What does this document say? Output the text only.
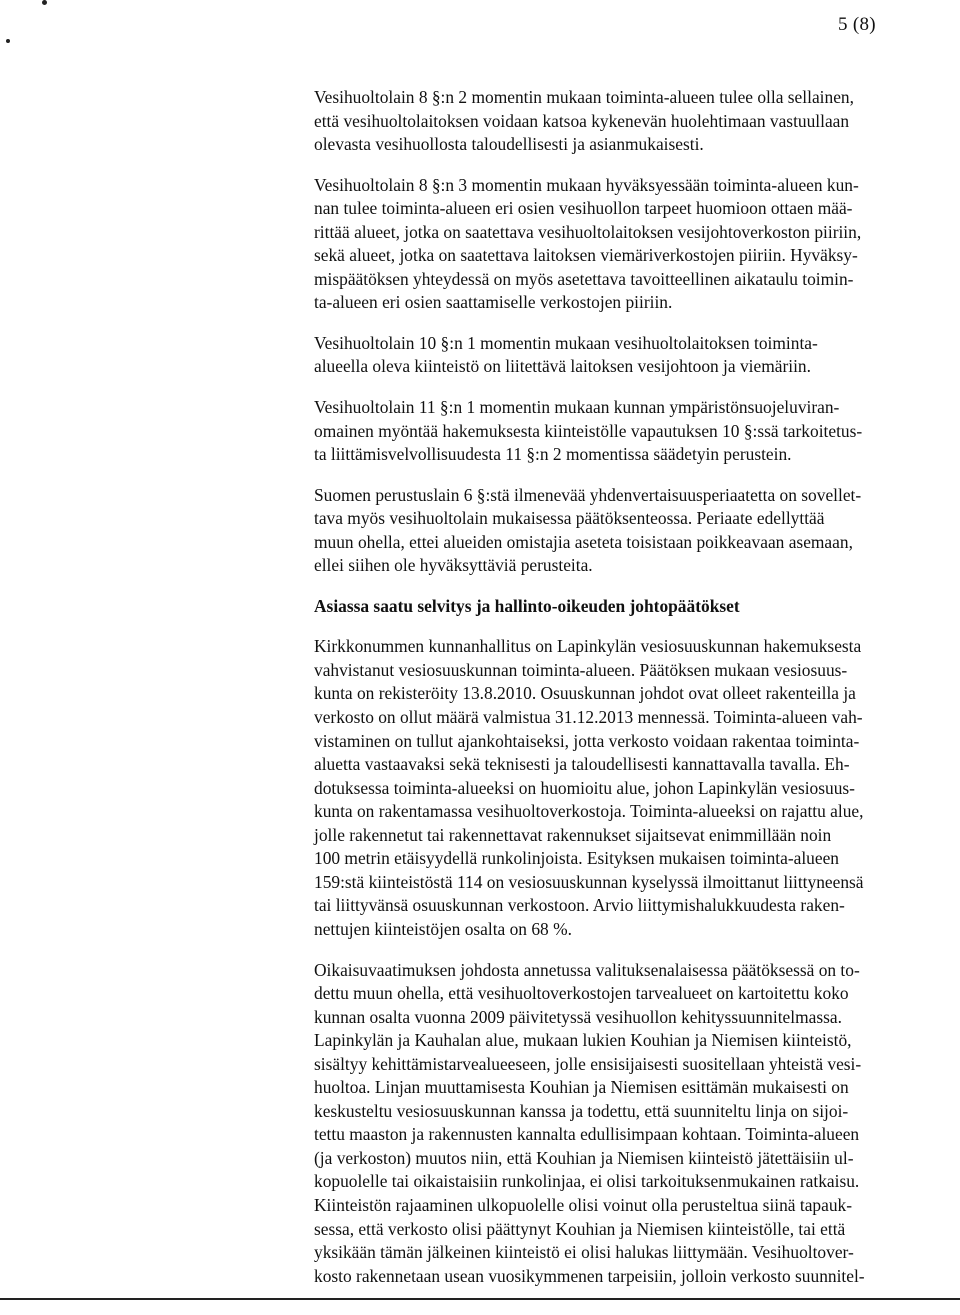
5 (8)

Vesihuoltolain 8 §:n 2 momentin mukaan toiminta-alueen tulee olla sellainen,
että vesihuoltolaitoksen voidaan katsoa kykenevän huolehtimaan vastuullaan
olevasta vesihuollosta taloudellisesti ja asianmukaisesti.

Vesihuoltolain 8 §:n 3 momentin mukaan hyväksyessään toiminta-alueen kun-
nan tulee toiminta-alueen eri osien vesihuollon tarpeet huomioon ottaen mää-
rittää alueet, jotka on saatettava vesihuoltolaitoksen vesijohtoverkoston piiriin,
sekä alueet, jotka on saatettava laitoksen viemäriverkostojen piiriin. Hyväksy-
mispäätöksen yhteydessä on myös asetettava tavoitteellinen aikataulu toimin-
ta-alueen eri osien saattamiselle verkostojen piiriin.

Vesihuoltolain 10 §:n 1 momentin mukaan vesihuoltolaitoksen toiminta-
alueella oleva kiinteistö on liitettävä laitoksen vesijohtoon ja viemäriin.

Vesihuoltolain 11 §:n 1 momentin mukaan kunnan ympäristönsuojeluviran-
omainen myöntää hakemuksesta kiinteistölle vapautuksen 10 §:ssä tarkoitetus-
ta liittämisvelvollisuudesta 11 §:n 2 momentissa säädetyin perustein.

Suomen perustuslain 6 §:stä ilmenevää yhdenvertaisuusperiaatetta on sovellet-
tava myös vesihuoltolain mukaisessa päätöksenteossa. Periaate edellyttää
muun ohella, ettei alueiden omistajia aseteta toisistaan poikkeavaan asemaan,
ellei siihen ole hyväksyttäviä perusteita.

Asiassa saatu selvitys ja hallinto-oikeuden johtopäätökset

Kirkkonummen kunnanhallitus on Lapinkylän vesiosuuskunnan hakemuksesta
vahvistanut vesiosuuskunnan toiminta-alueen. Päätöksen mukaan vesiosuus-
kunta on rekisteröity 13.8.2010. Osuuskunnan johdot ovat olleet rakenteilla ja
verkosto on ollut määrä valmistua 31.12.2013 mennessä. Toiminta-alueen vah-
vistaminen on tullut ajankohtaiseksi, jotta verkosto voidaan rakentaa toiminta-
aluetta vastaavaksi sekä teknisesti ja taloudellisesti kannattavalla tavalla. Eh-
dotuksessa toiminta-alueeksi on huomioitu alue, johon Lapinkylän vesiosuus-
kunta on rakentamassa vesihuoltoverkostoja. Toiminta-alueeksi on rajattu alue,
jolle rakennetut tai rakennettavat rakennukset sijaitsevat enimmillään noin
100 metrin etäisyydellä runkolinjoista. Esityksen mukaisen toiminta-alueen
159:stä kiinteistöstä 114 on vesiosuuskunnan kyselyssä ilmoittanut liittyneensä
tai liittyvänsä osuuskunnan verkostoon. Arvio liittymishalukkuudesta raken-
nettujen kiinteistöjen osalta on 68 %.

Oikaisuvaatimuksen johdosta annetussa valituksenalaisessa päätöksessä on to-
dettu muun ohella, että vesihuoltoverkostojen tarvealueet on kartoitettu koko
kunnan osalta vuonna 2009 päivitetyssä vesihuollon kehityssuunnitelmassa.
Lapinkylän ja Kauhalan alue, mukaan lukien Kouhian ja Niemisen kiinteistö,
sisältyy kehittämistarvealueeseen, jolle ensisijaisesti suositellaan yhteistä vesi-
huoltoa. Linjan muuttamisesta Kouhian ja Niemisen esittämän mukaisesti on
keskusteltu vesiosuuskunnan kanssa ja todettu, että suunniteltu linja on sijoi-
tettu maaston ja rakennusten kannalta edullisimpaan kohtaan. Toiminta-alueen
(ja verkoston) muutos niin, että Kouhian ja Niemisen kiinteistö jätettäisiin ul-
kopuolelle tai oikaistaisiin runkolinjaa, ei olisi tarkoituksenmukainen ratkaisu.
Kiinteistön rajaaminen ulkopuolelle olisi voinut olla perusteltua siinä tapauk-
sessa, että verkosto olisi päättynyt Kouhian ja Niemisen kiinteistölle, tai että
yksikään tämän jälkeinen kiinteistö ei olisi halukas liittymään. Vesihuoltover-
kosto rakennetaan usean vuosikymmenen tarpeisiin, jolloin verkosto suunnitel-
